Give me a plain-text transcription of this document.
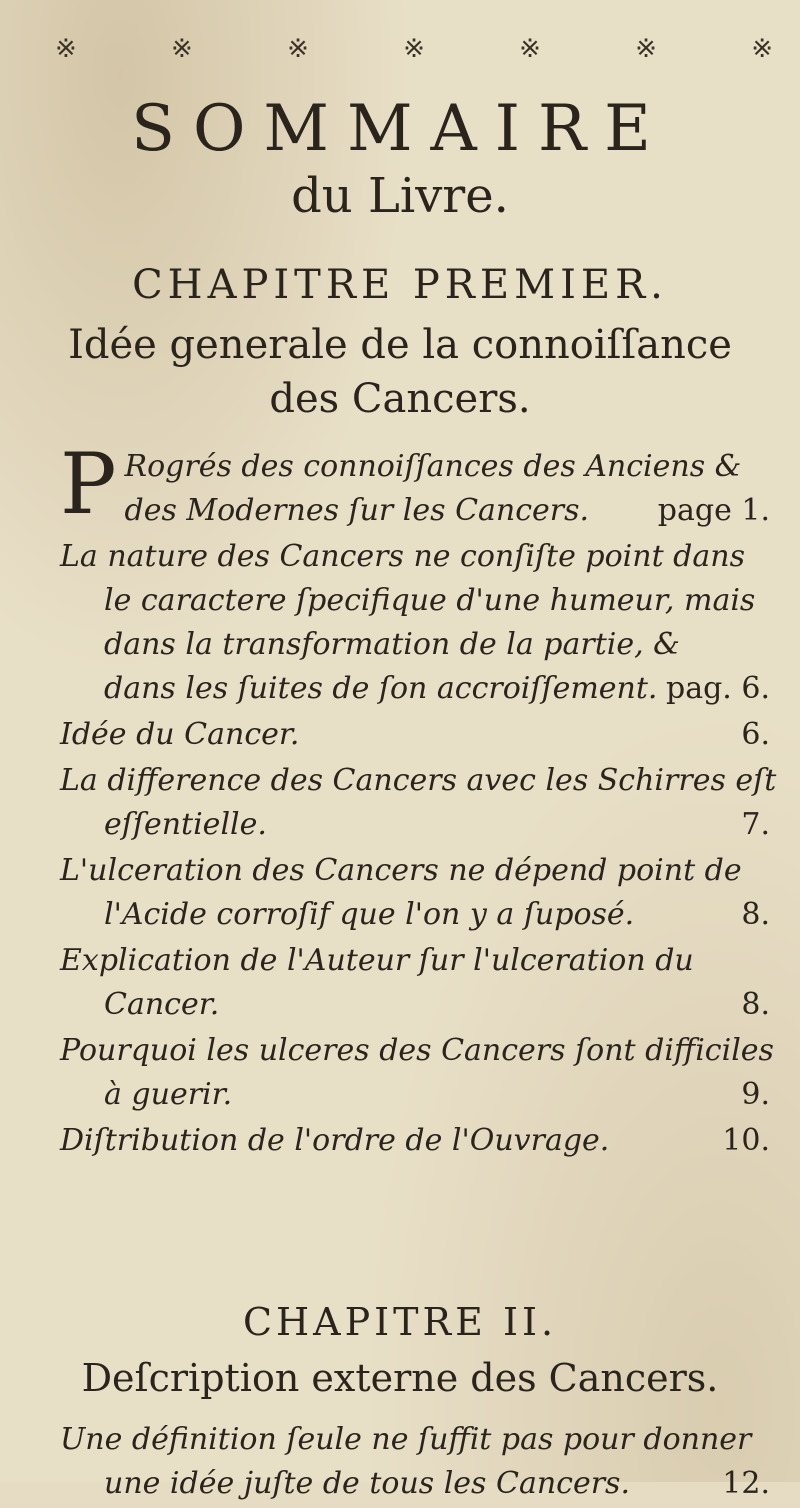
※	※	※	※	※	※	※
SOMMAIRE
du Livre.
CHAPITRE PREMIER.
Idée generale de la connoiſſance
des Cancers.
P Rogrés des connoiſſances des Anciens &
des Modernes ſur les Cancers.	page 1.
La nature des Cancers ne conſiſte point dans
le caractere ſpecifique d'une humeur, mais
dans la transformation de la partie, &
dans les ſuites de ſon accroiſſement. pag. 6.
Idée du Cancer.	6.
La difference des Cancers avec les Schirres eſt
eſſentielle.	7.
L'ulceration des Cancers ne dépend point de
l'Acide corroſif que l'on y a ſuposé.	8.
Explication de l'Auteur ſur l'ulceration du
Cancer.	8.
Pourquoi les ulceres des Cancers ſont difficiles
à guerir.	9.
Diſtribution de l'ordre de l'Ouvrage.	10.
CHAPITRE II.
Deſcription externe des Cancers.
Une définition ſeule ne ſuffit pas pour donner
une idée juſte de tous les Cancers.	12.
